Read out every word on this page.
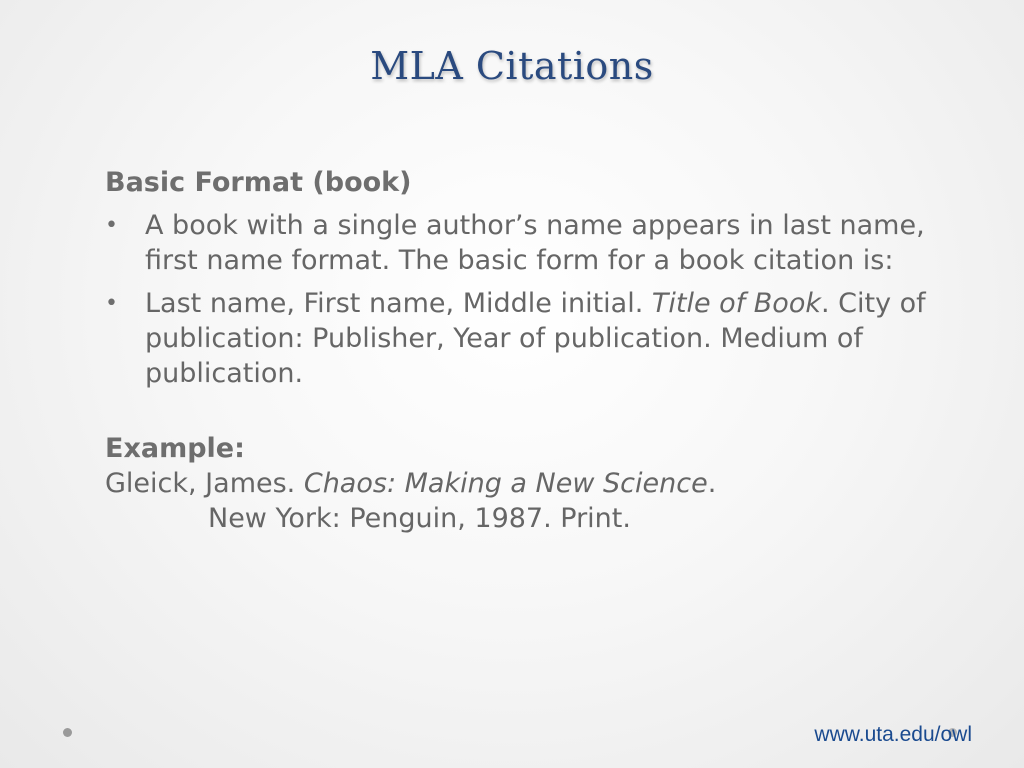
MLA Citations

Basic Format (book)

• A book with a single author’s name appears in last name, first name format. The basic form for a book citation is:
• Last name, First name, Middle initial. Title of Book. City of publication: Publisher, Year of publication. Medium of publication.

Example:

Gleick, James. Chaos: Making a New Science.

New York: Penguin, 1987. Print.

www.uta.edu/owl
